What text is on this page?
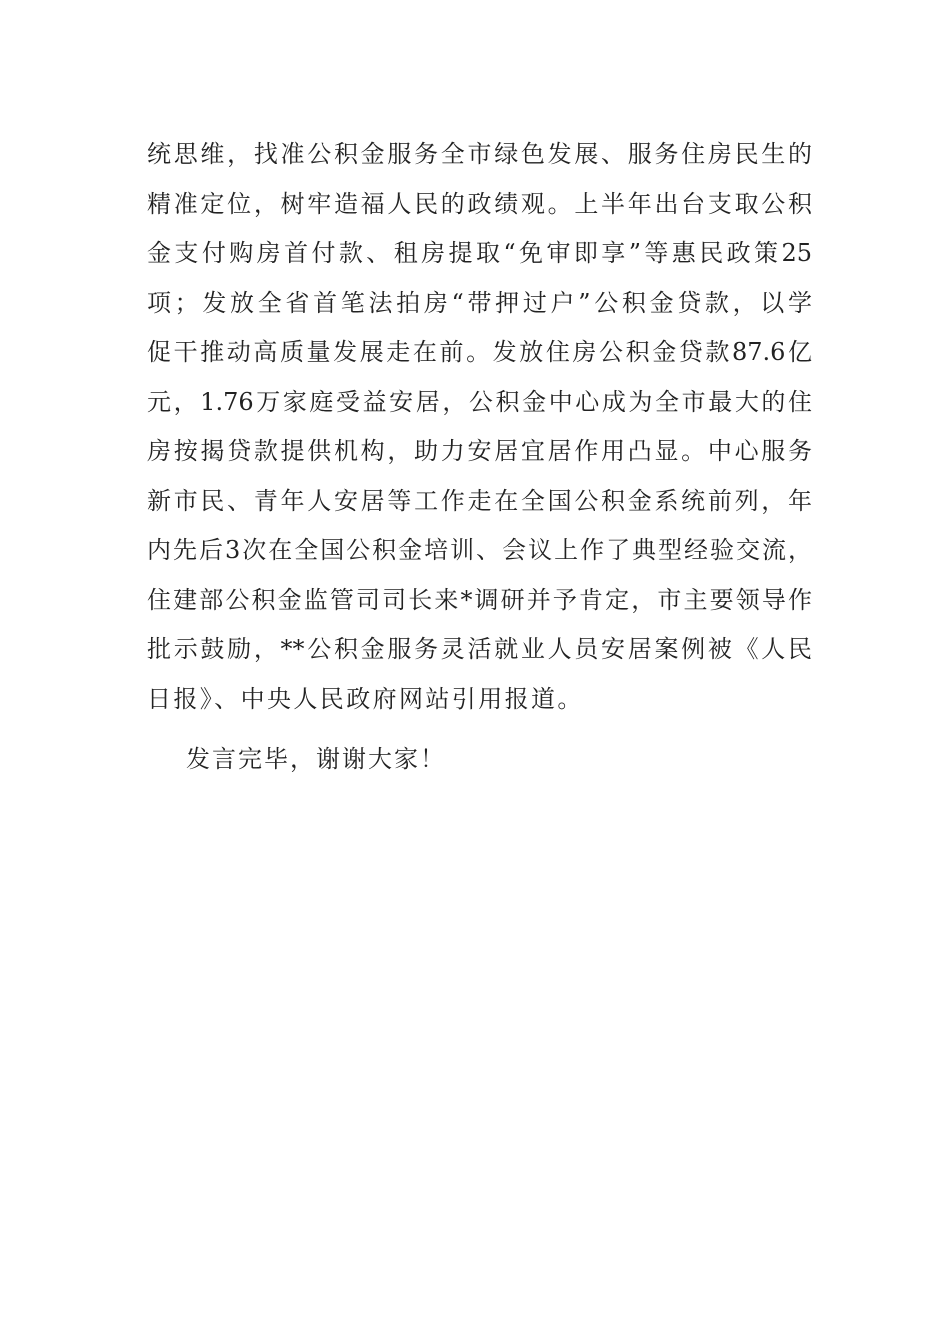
统思维，找准公积金服务全市绿色发展、服务住房民生的
精准定位，树牢造福人民的政绩观。上半年出台支取公积
金支付购房首付款、租房提取“免审即享”等惠民政策25
项；发放全省首笔法拍房“带押过户”公积金贷款，以学
促干推动高质量发展走在前。发放住房公积金贷款87.6亿
元，1.76万家庭受益安居，公积金中心成为全市最大的住
房按揭贷款提供机构，助力安居宜居作用凸显。中心服务
新市民、青年人安居等工作走在全国公积金系统前列，年
内先后3次在全国公积金培训、会议上作了典型经验交流，
住建部公积金监管司司长来*调研并予肯定，市主要领导作
批示鼓励，**公积金服务灵活就业人员安居案例被《人民
日报》、中央人民政府网站引用报道。
发言完毕，谢谢大家！
